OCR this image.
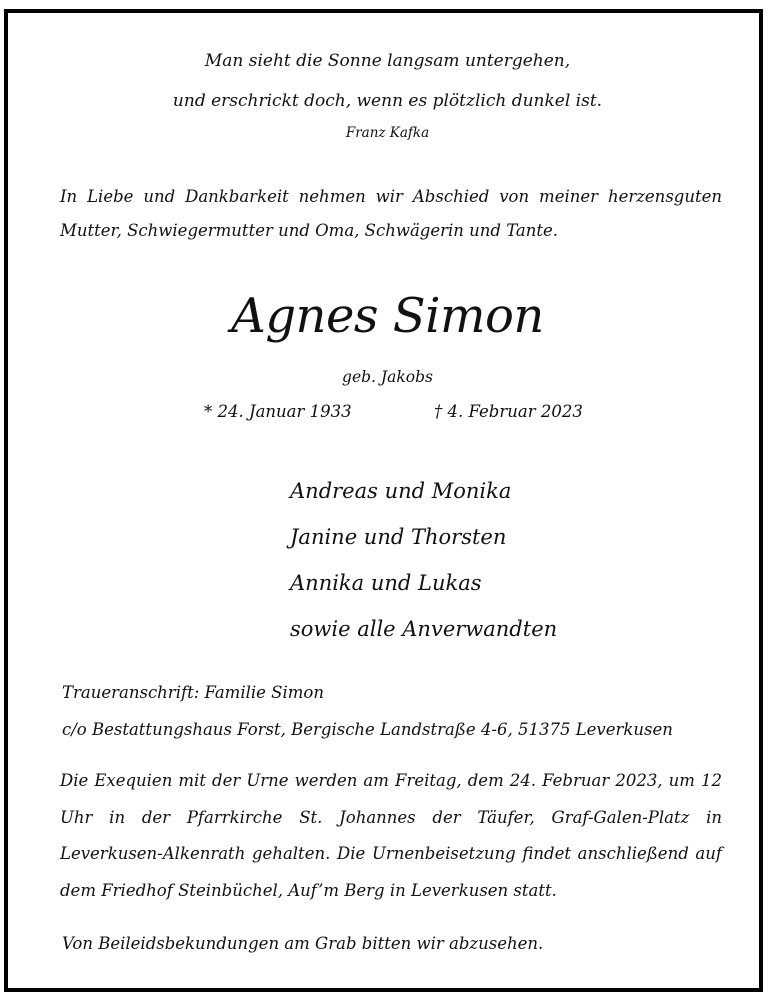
Man sieht die Sonne langsam untergehen,
und erschrickt doch, wenn es plötzlich dunkel ist.
Franz Kafka
In Liebe und Dankbarkeit nehmen wir Abschied von meiner herzensguten Mutter, Schwiegermutter und Oma, Schwägerin und Tante.
Agnes Simon
geb. Jakobs
* 24. Januar 1933	† 4. Februar 2023
Andreas und Monika
Janine und Thorsten
Annika und Lukas
sowie alle Anverwandten
Traueranschrift: Familie Simon
c/o Bestattungshaus Forst, Bergische Landstraße 4-6, 51375 Leverkusen
Die Exequien mit der Urne werden am Freitag, dem 24. Februar 2023, um 12 Uhr in der Pfarrkirche St. Johannes der Täufer, Graf-Galen-Platz in Leverkusen-Alkenrath gehalten. Die Urnenbeisetzung findet anschließend auf dem Friedhof Steinbüchel, Auf’m Berg in Leverkusen statt.
Von Beileidsbekundungen am Grab bitten wir abzusehen.
